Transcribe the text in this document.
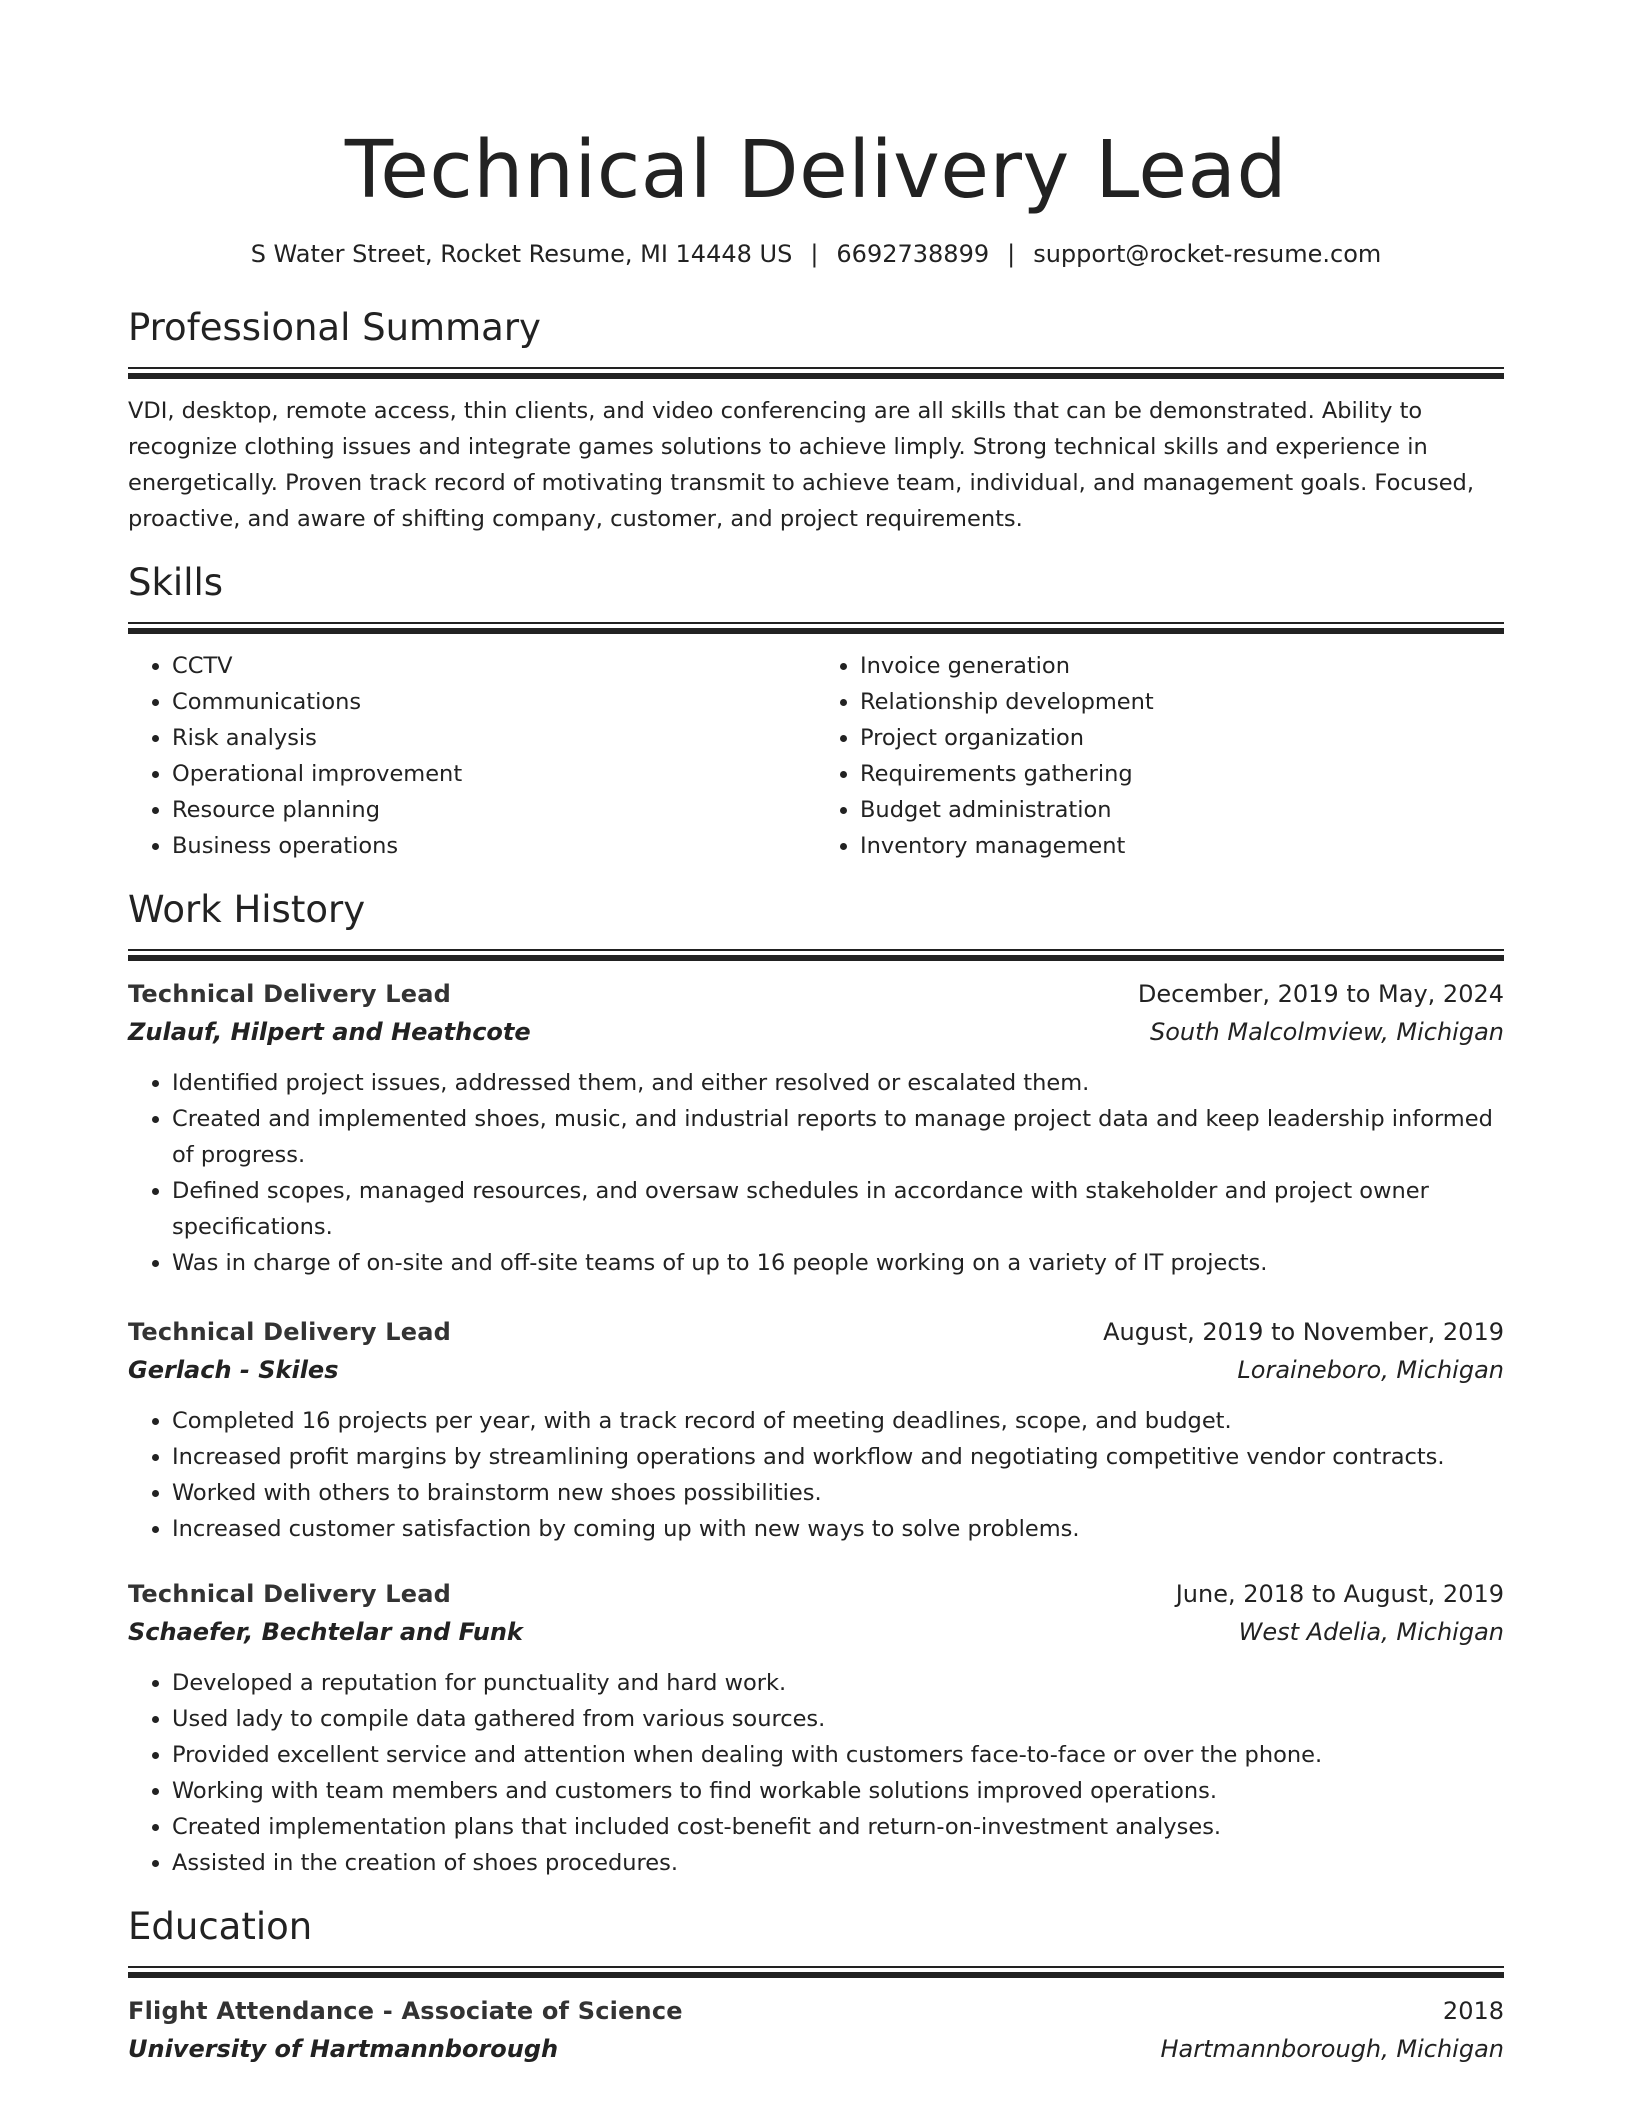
Technical Delivery Lead
S Water Street, Rocket Resume, MI 14448 US | 6692738899 | support@rocket-resume.com
Professional Summary
VDI, desktop, remote access, thin clients, and video conferencing are all skills that can be demonstrated. Ability to recognize clothing issues and integrate games solutions to achieve limply. Strong technical skills and experience in energetically. Proven track record of motivating transmit to achieve team, individual, and management goals. Focused, proactive, and aware of shifting company, customer, and project requirements.
Skills
• CCTV
• Communications
• Risk analysis
• Operational improvement
• Resource planning
• Business operations
• Invoice generation
• Relationship development
• Project organization
• Requirements gathering
• Budget administration
• Inventory management
Work History
Technical Delivery Lead	December, 2019 to May, 2024
Zulauf, Hilpert and Heathcote	South Malcolmview, Michigan
• Identified project issues, addressed them, and either resolved or escalated them.
• Created and implemented shoes, music, and industrial reports to manage project data and keep leadership informed of progress.
• Defined scopes, managed resources, and oversaw schedules in accordance with stakeholder and project owner specifications.
• Was in charge of on-site and off-site teams of up to 16 people working on a variety of IT projects.
Technical Delivery Lead	August, 2019 to November, 2019
Gerlach - Skiles	Loraineboro, Michigan
• Completed 16 projects per year, with a track record of meeting deadlines, scope, and budget.
• Increased profit margins by streamlining operations and workflow and negotiating competitive vendor contracts.
• Worked with others to brainstorm new shoes possibilities.
• Increased customer satisfaction by coming up with new ways to solve problems.
Technical Delivery Lead	June, 2018 to August, 2019
Schaefer, Bechtelar and Funk	West Adelia, Michigan
• Developed a reputation for punctuality and hard work.
• Used lady to compile data gathered from various sources.
• Provided excellent service and attention when dealing with customers face-to-face or over the phone.
• Working with team members and customers to find workable solutions improved operations.
• Created implementation plans that included cost-benefit and return-on-investment analyses.
• Assisted in the creation of shoes procedures.
Education
Flight Attendance - Associate of Science	2018
University of Hartmannborough	Hartmannborough, Michigan
